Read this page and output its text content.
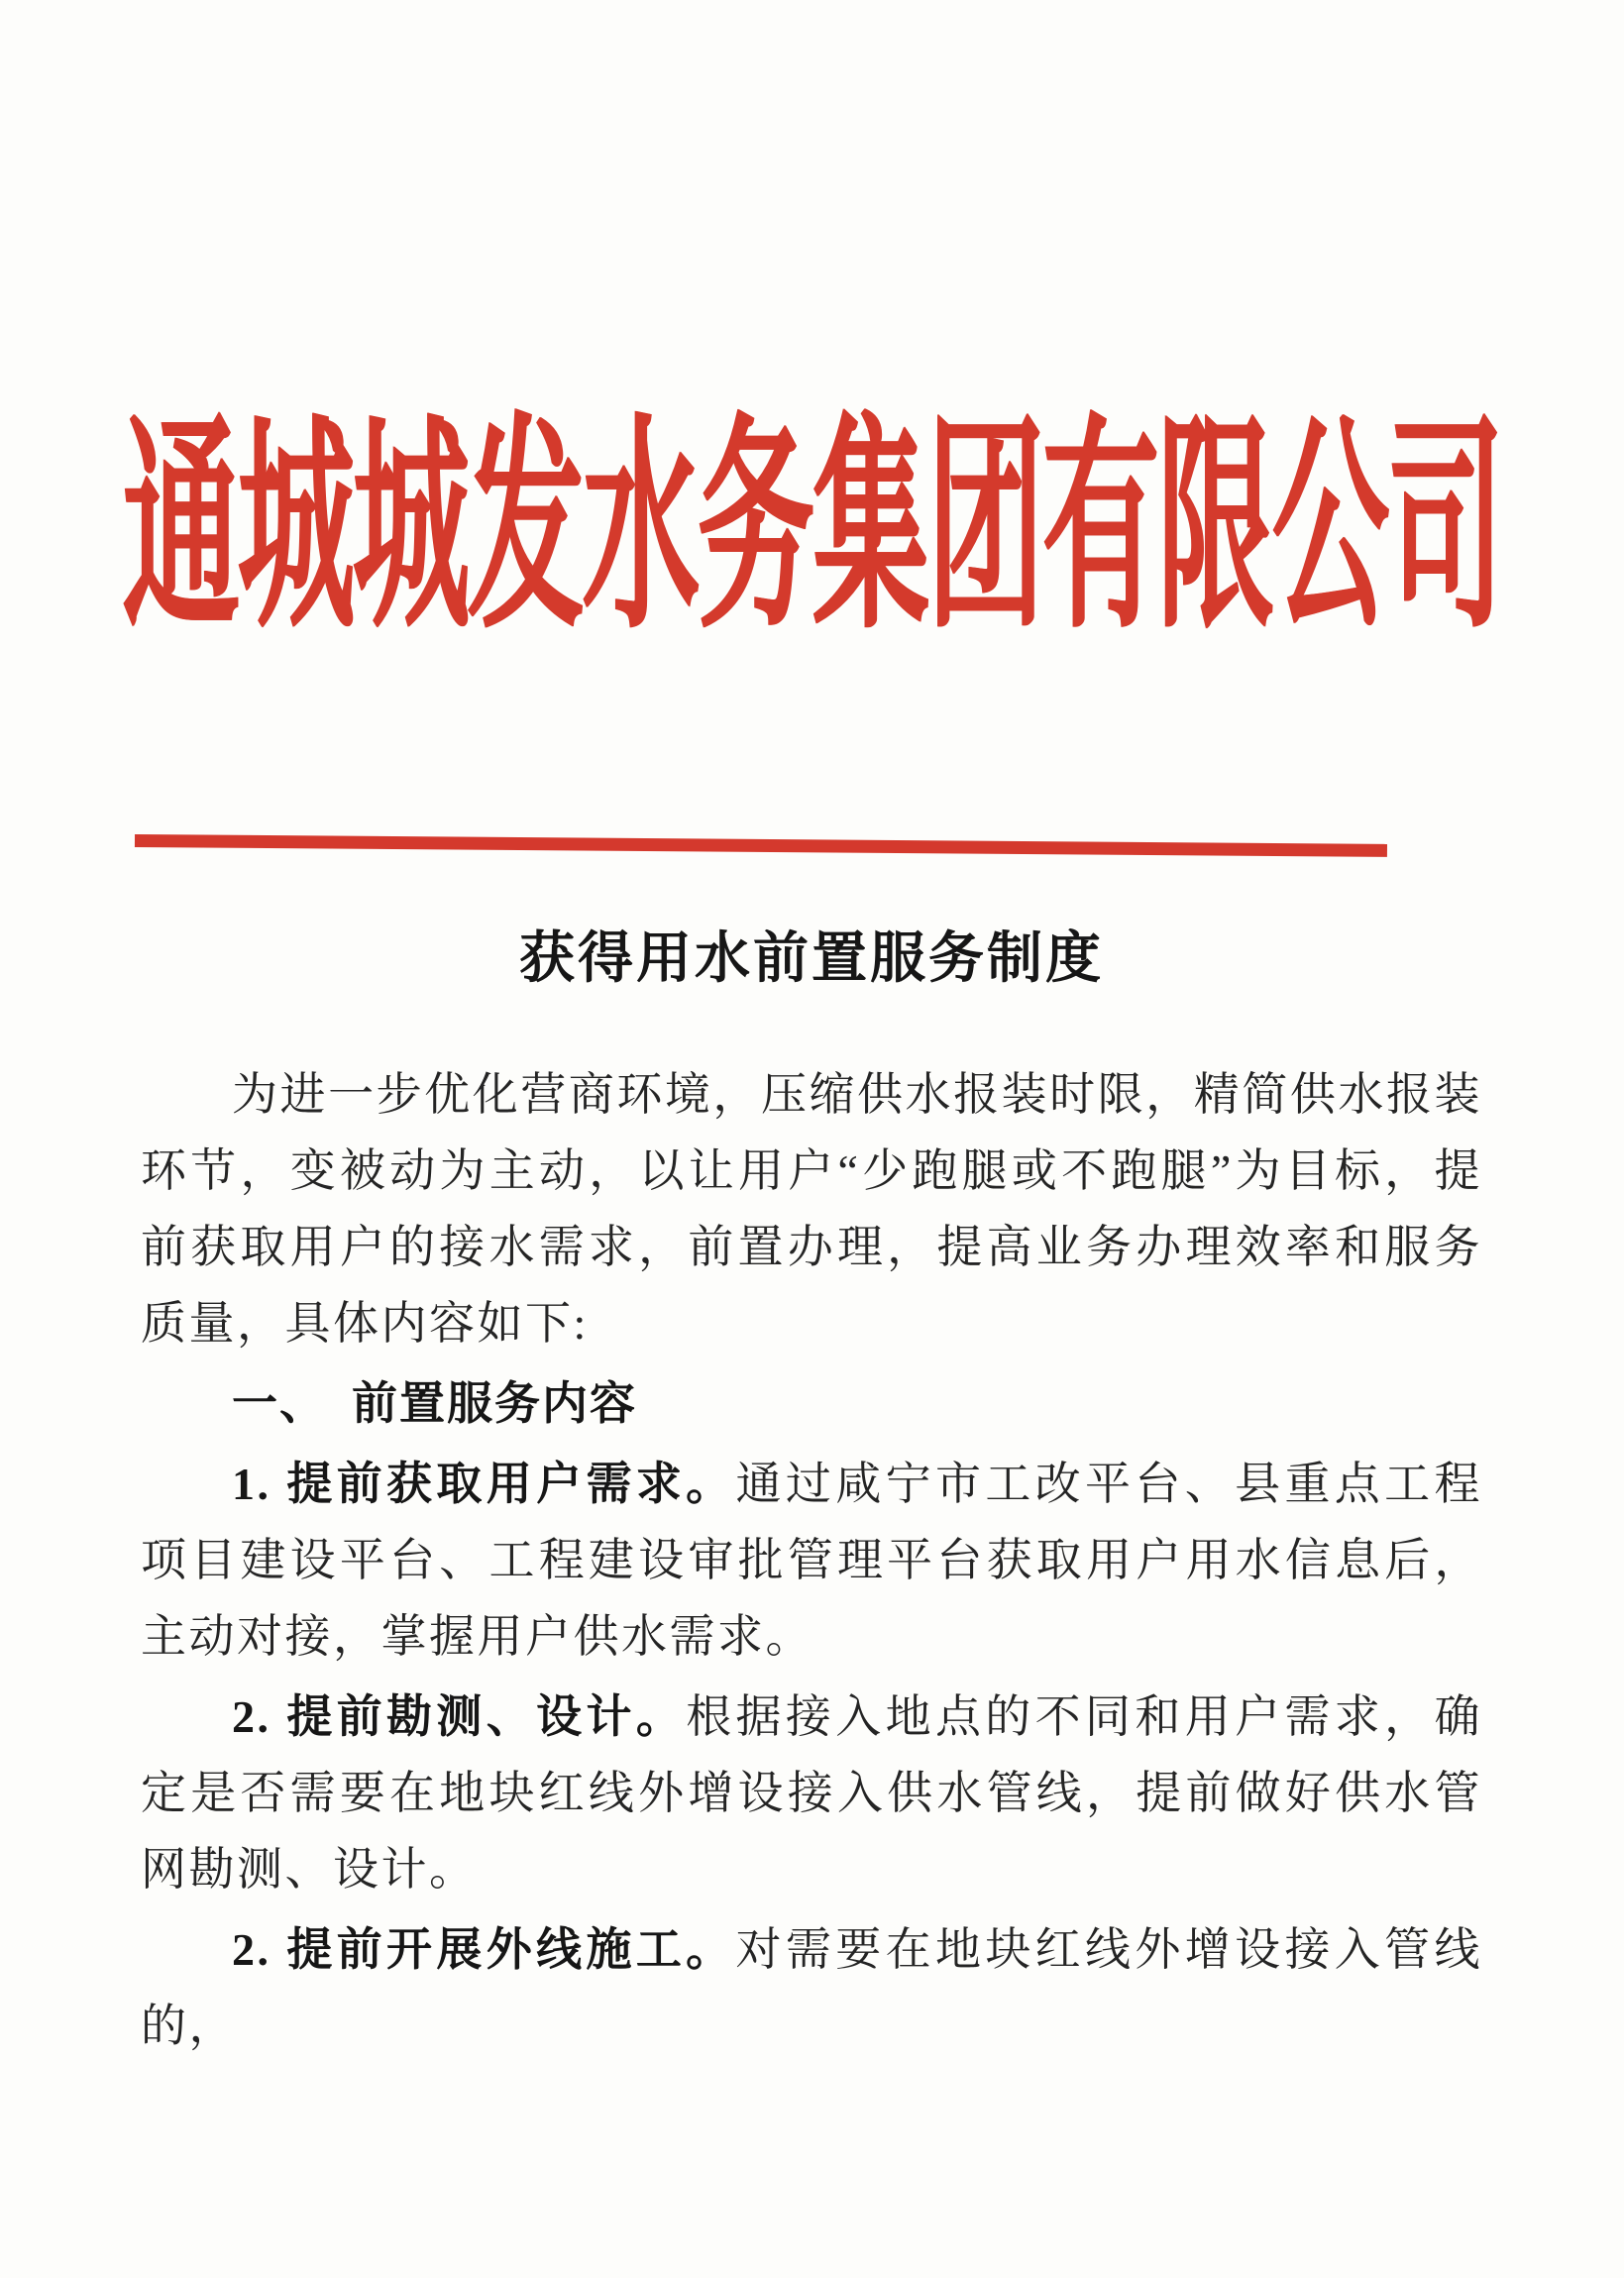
通城城发水务集团有限公司
获得用水前置服务制度

为进一步优化营商环境，压缩供水报装时限，精简供水报装环节，变被动为主动，以让用户“少跑腿或不跑腿”为目标，提前获取用户的接水需求，前置办理，提高业务办理效率和服务质量，具体内容如下:

一、　前置服务内容

1. 提前获取用户需求。通过咸宁市工改平台、县重点工程项目建设平台、工程建设审批管理平台获取用户用水信息后，主动对接，掌握用户供水需求。

2. 提前勘测、设计。根据接入地点的不同和用户需求，确定是否需要在地块红线外增设接入供水管线，提前做好供水管网勘测、设计。

2. 提前开展外线施工。对需要在地块红线外增设接入管线的，
